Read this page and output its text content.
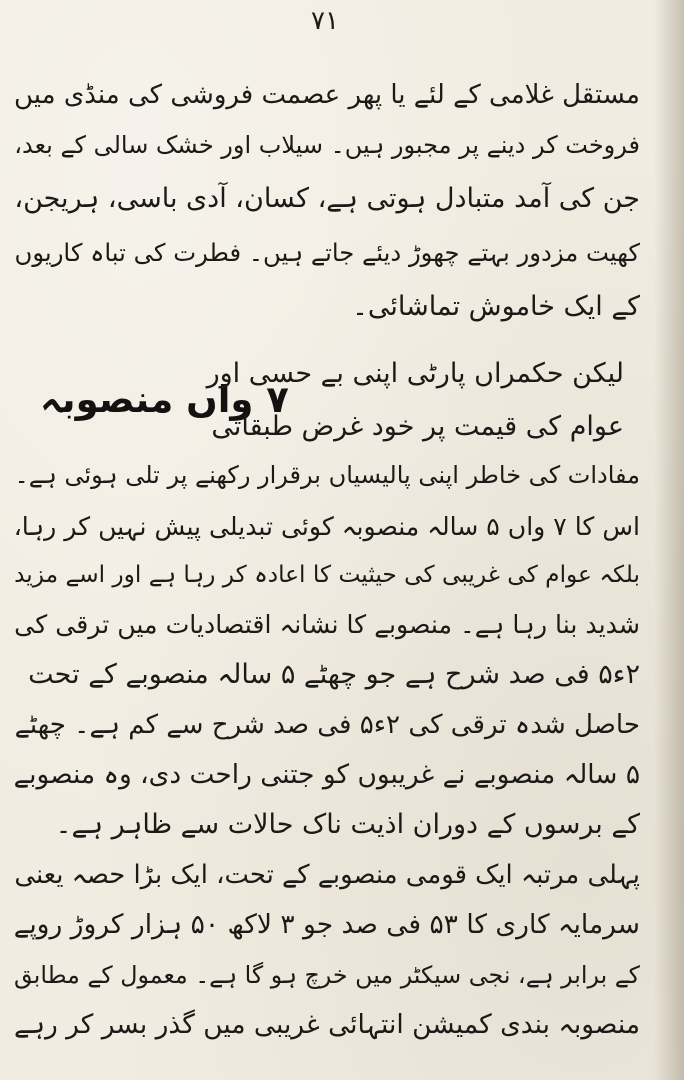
۷۱
مستقل غلامی کے لئے یا پھر عصمت فروشی کی منڈی میں
فروخت کر دینے پر مجبور ہیں۔ سیلاب اور خشک سالی کے بعد،
جن کی آمد متبادل ہوتی ہے، کسان، آدی باسی، ہریجن،
کھیت مزدور بہتے چھوڑ دیئے جاتے ہیں۔ فطرت کی تباہ کاریوں
کے ایک خاموش تماشائی۔
۷ واں منصوبہ
لیکن حکمراں پارٹی اپنی بے حسی اور
عوام کی قیمت پر خود غرض طبقاتی
مفادات کی خاطر اپنی پالیسیاں برقرار رکھنے پر تلی ہوئی ہے۔
اس کا ۷ واں ۵ سالہ منصوبہ کوئی تبدیلی پیش نہیں کر رہا،
بلکہ عوام کی غریبی کی حیثیت کا اعادہ کر رہا ہے اور اسے مزید
شدید بنا رہا ہے۔ منصوبے کا نشانہ اقتصادیات میں ترقی کی
۲ء۵ فی صد شرح ہے جو چھٹے ۵ سالہ منصوبے کے تحت
حاصل شدہ ترقی کی ۲ء۵ فی صد شرح سے کم ہے۔ چھٹے
۵ سالہ منصوبے نے غریبوں کو جتنی راحت دی، وہ منصوبے
کے برسوں کے دوران اذیت ناک حالات سے ظاہر ہے۔
پہلی مرتبہ ایک قومی منصوبے کے تحت، ایک بڑا حصہ یعنی
سرمایہ کاری کا ۵۳ فی صد جو ۳ لاکھ ۵۰ ہزار کروڑ روپے
کے برابر ہے، نجی سیکٹر میں خرچ ہو گا ہے۔ معمول کے مطابق
منصوبہ بندی کمیشن انتہائی غریبی میں گذر بسر کر رہے
